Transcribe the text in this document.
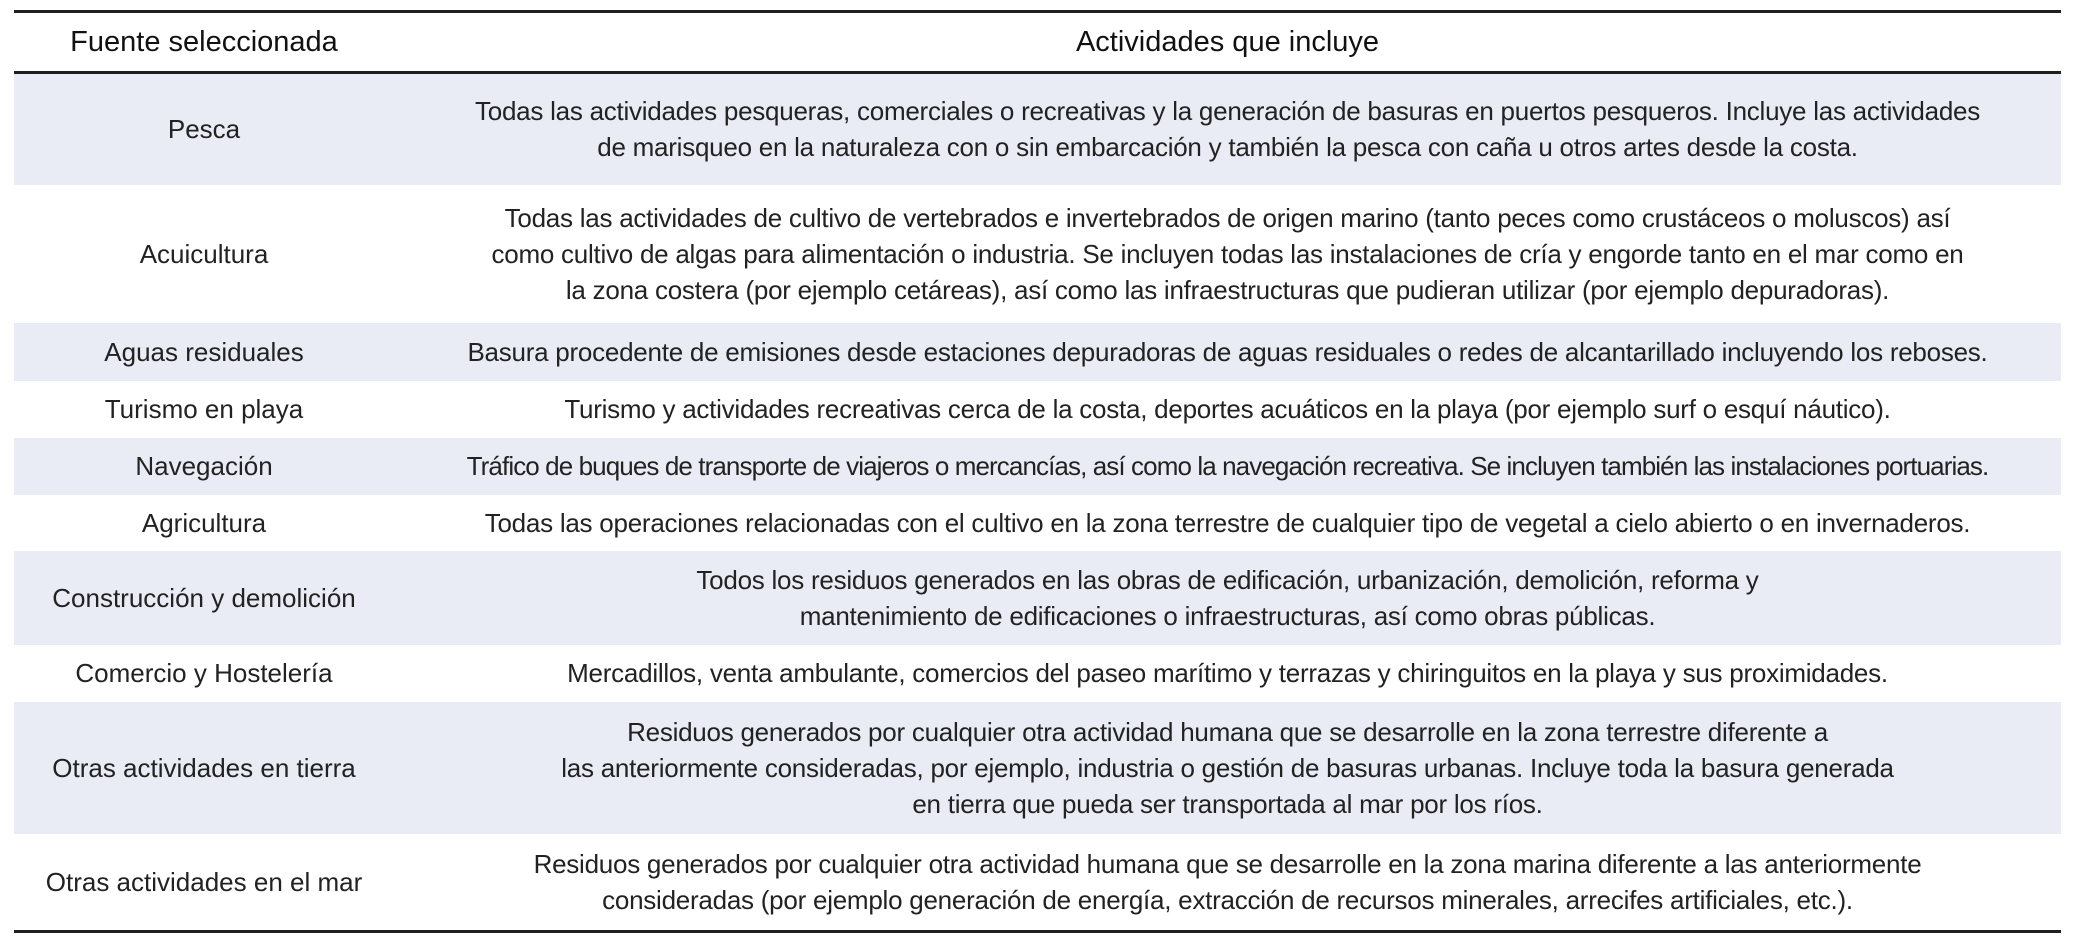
Fuente seleccionada	Actividades que incluye
Pesca	Todas las actividades pesqueras, comerciales o recreativas y la generación de basuras en puertos pesqueros. Incluye las actividades
de marisqueo en la naturaleza con o sin embarcación y también la pesca con caña u otros artes desde la costa.

Acuicultura	Todas las actividades de cultivo de vertebrados e invertebrados de origen marino (tanto peces como crustáceos o moluscos) así
como cultivo de algas para alimentación o industria. Se incluyen todas las instalaciones de cría y engorde tanto en el mar como en
la zona costera (por ejemplo cetáreas), así como las infraestructuras que pudieran utilizar (por ejemplo depuradoras).

Aguas residuales	Basura procedente de emisiones desde estaciones depuradoras de aguas residuales o redes de alcantarillado incluyendo los reboses.

Turismo en playa	Turismo y actividades recreativas cerca de la costa, deportes acuáticos en la playa (por ejemplo surf o esquí náutico).

Navegación	Tráfico de buques de transporte de viajeros o mercancías, así como la navegación recreativa. Se incluyen también las instalaciones portuarias.

Agricultura	Todas las operaciones relacionadas con el cultivo en la zona terrestre de cualquier tipo de vegetal a cielo abierto o en invernaderos.

Construcción y demolición	Todos los residuos generados en las obras de edificación, urbanización, demolición, reforma y
mantenimiento de edificaciones o infraestructuras, así como obras públicas.

Comercio y Hostelería	Mercadillos, venta ambulante, comercios del paseo marítimo y terrazas y chiringuitos en la playa y sus proximidades.

Otras actividades en tierra	Residuos generados por cualquier otra actividad humana que se desarrolle en la zona terrestre diferente a
las anteriormente consideradas, por ejemplo, industria o gestión de basuras urbanas. Incluye toda la basura generada
en tierra que pueda ser transportada al mar por los ríos.

Otras actividades en el mar	Residuos generados por cualquier otra actividad humana que se desarrolle en la zona marina diferente a las anteriormente
consideradas (por ejemplo generación de energía, extracción de recursos minerales, arrecifes artificiales, etc.).
